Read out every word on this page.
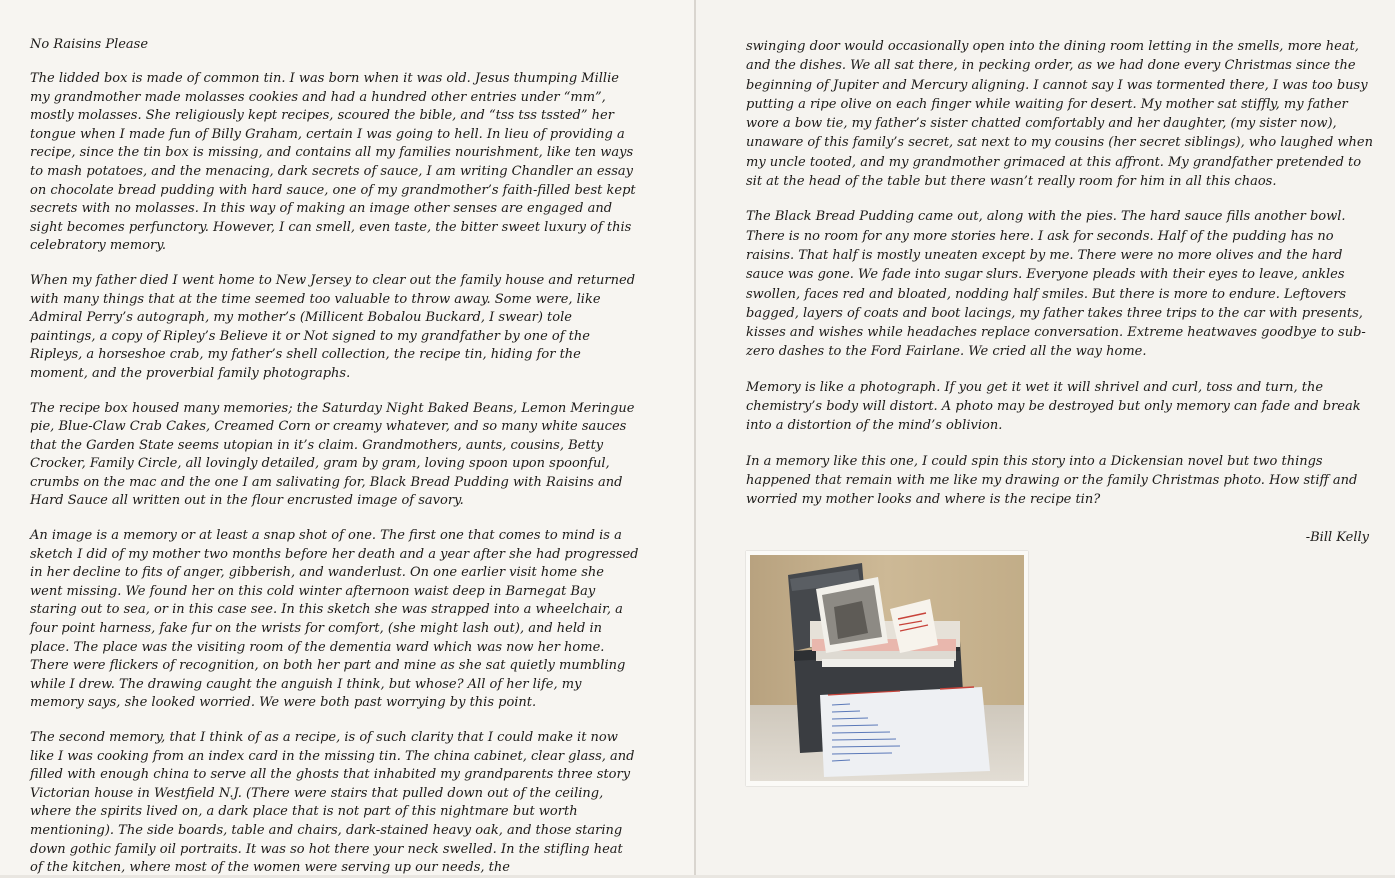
No Raisins Please

The lidded box is made of common tin. I was born when it was old. Jesus thumping Millie my grandmother made molasses cookies and had a hundred other entries under “mm”, mostly molasses. She religiously kept recipes, scoured the bible, and “tss tss tssted” her tongue when I made fun of Billy Graham, certain I was going to hell. In lieu of providing a recipe, since the tin box is missing, and contains all my families nourishment, like ten ways to mash potatoes, and the menacing, dark secrets of sauce, I am writing Chandler an essay on chocolate bread pudding with hard sauce, one of my grandmother’s faith-filled best kept secrets with no molasses. In this way of making an image other senses are engaged and sight becomes perfunctory. However, I can smell, even taste, the bitter sweet luxury of this celebratory memory.

When my father died I went home to New Jersey to clear out the family house and returned with many things that at the time seemed too valuable to throw away. Some were, like Admiral Perry’s autograph, my mother’s (Millicent Bobalou Buckard, I swear) tole paintings, a copy of Ripley’s Believe it or Not signed to my grandfather by one of the Ripleys, a horseshoe crab, my father’s shell collection, the recipe tin, hiding for the moment, and the proverbial family photographs.

The recipe box housed many memories; the Saturday Night Baked Beans, Lemon Meringue pie, Blue-Claw Crab Cakes, Creamed Corn or creamy whatever, and so many white sauces that the Garden State seems utopian in it’s claim. Grandmothers, aunts, cousins, Betty Crocker, Family Circle, all lovingly detailed, gram by gram, loving spoon upon spoonful, crumbs on the mac and the one I am salivating for, Black Bread Pudding with Raisins and Hard Sauce all written out in the flour encrusted image of savory.

An image is a memory or at least a snap shot of one. The first one that comes to mind is a sketch I did of my mother two months before her death and a year after she had progressed in her decline to fits of anger, gibberish, and wanderlust. On one earlier visit home she went missing. We found her on this cold winter afternoon waist deep in Barnegat Bay staring out to sea, or in this case see. In this sketch she was strapped into a wheelchair, a four point harness, fake fur on the wrists for comfort, (she might lash out), and held in place. The place was the visiting room of the dementia ward which was now her home. There were flickers of recognition, on both her part and mine as she sat quietly mumbling while I drew. The drawing caught the anguish I think, but whose? All of her life, my memory says, she looked worried. We were both past worrying by this point.

The second memory, that I think of as a recipe, is of such clarity that I could make it now like I was cooking from an index card in the missing tin. The china cabinet, clear glass, and filled with enough china to serve all the ghosts that inhabited my grandparents three story Victorian house in Westfield N.J. (There were stairs that pulled down out of the ceiling, where the spirits lived on, a dark place that is not part of this nightmare but worth mentioning). The side boards, table and chairs, dark-stained heavy oak, and those staring down gothic family oil portraits. It was so hot there your neck swelled. In the stifling heat of the kitchen, where most of the women were serving up our needs, the

swinging door would occasionally open into the dining room letting in the smells, more heat, and the dishes. We all sat there, in pecking order, as we had done every Christmas since the beginning of Jupiter and Mercury aligning. I cannot say I was tormented there, I was too busy putting a ripe olive on each finger while waiting for desert. My mother sat stiffly, my father wore a bow tie, my father’s sister chatted comfortably and her daughter, (my sister now), unaware of this family’s secret, sat next to my cousins (her secret siblings), who laughed when my uncle tooted, and my grandmother grimaced at this affront. My grandfather pretended to sit at the head of the table but there wasn’t really room for him in all this chaos.

The Black Bread Pudding came out, along with the pies. The hard sauce fills another bowl. There is no room for any more stories here. I ask for seconds. Half of the pudding has no raisins. That half is mostly uneaten except by me. There were no more olives and the hard sauce was gone. We fade into sugar slurs. Everyone pleads with their eyes to leave, ankles swollen, faces red and bloated, nodding half smiles. But there is more to endure. Leftovers bagged, layers of coats and boot lacings, my father takes three trips to the car with presents, kisses and wishes while headaches replace conversation. Extreme heatwaves goodbye to sub-zero dashes to the Ford Fairlane. We cried all the way home.

Memory is like a photograph. If you get it wet it will shrivel and curl, toss and turn, the chemistry’s body will distort. A photo may be destroyed but only memory can fade and break into a distortion of the mind’s oblivion.

In a memory like this one, I could spin this story into a Dickensian novel but two things happened that remain with me like my drawing or the family Christmas photo. How stiff and worried my mother looks and where is the recipe tin?

-Bill Kelly
